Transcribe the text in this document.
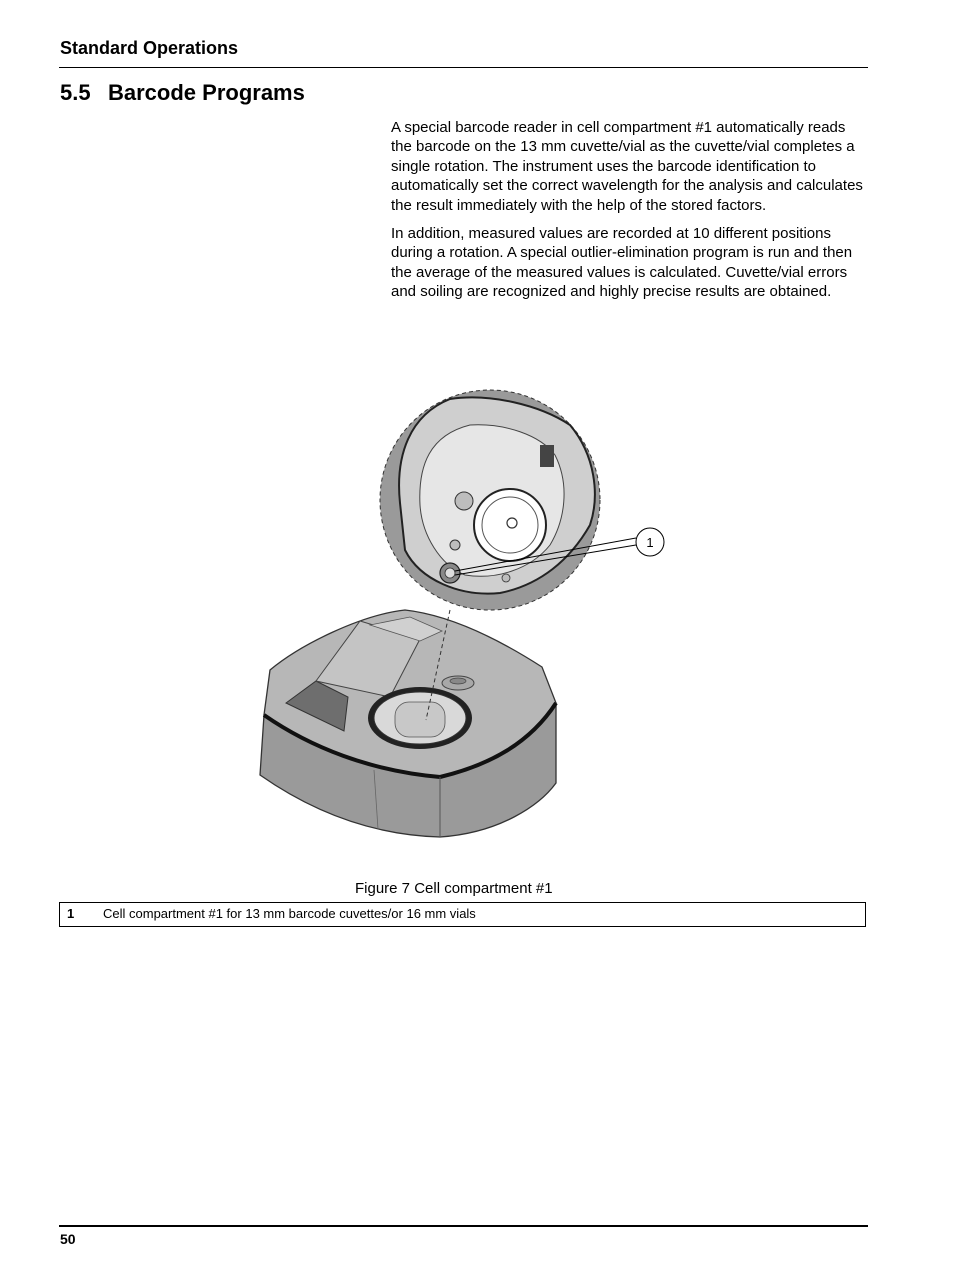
Standard Operations
5.5 Barcode Programs

A special barcode reader in cell compartment #1 automatically reads the barcode on the 13 mm cuvette/vial as the cuvette/vial completes a single rotation. The instrument uses the barcode identification to automatically set the correct wavelength for the analysis and calculates the result immediately with the help of the stored factors.

In addition, measured values are recorded at 10 different positions during a rotation. A special outlier-elimination program is run and then the average of the measured values is calculated. Cuvette/vial errors and soiling are recognized and highly precise results are obtained.

1
Figure 7 Cell compartment #1
1	Cell compartment #1 for 13 mm barcode cuvettes/or 16 mm vials
50
